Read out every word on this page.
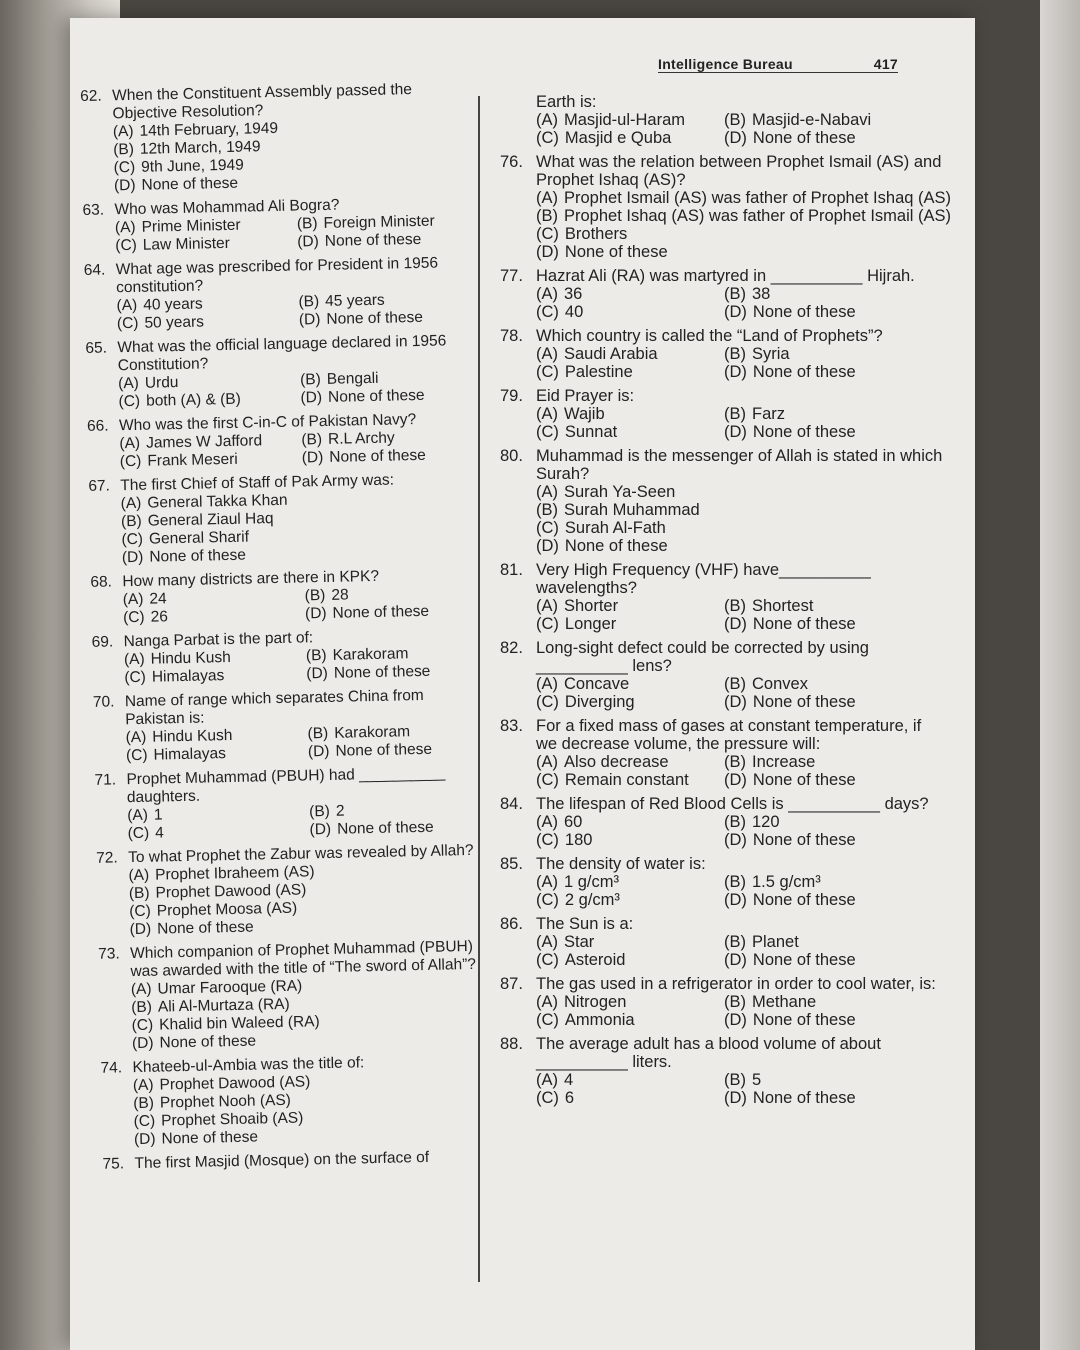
Intelligence Bureau	417
62. When the Constituent Assembly passed the Objective Resolution?
(A) 14th February, 1949
(B) 12th March, 1949
(C) 9th June, 1949
(D) None of these
63. Who was Mohammad Ali Bogra?
(A) Prime Minister	(B) Foreign Minister
(C) Law Minister	(D) None of these
64. What age was prescribed for President in 1956 constitution?
(A) 40 years	(B) 45 years
(C) 50 years	(D) None of these
65. What was the official language declared in 1956 Constitution?
(A) Urdu	(B) Bengali
(C) both (A) & (B)	(D) None of these
66. Who was the first C-in-C of Pakistan Navy?
(A) James W Jafford	(B) R.L Archy
(C) Frank Meseri	(D) None of these
67. The first Chief of Staff of Pak Army was:
(A) General Takka Khan
(B) General Ziaul Haq
(C) General Sharif
(D) None of these
68. How many districts are there in KPK?
(A) 24	(B) 28
(C) 26	(D) None of these
69. Nanga Parbat is the part of:
(A) Hindu Kush	(B) Karakoram
(C) Himalayas	(D) None of these
70. Name of range which separates China from Pakistan is:
(A) Hindu Kush	(B) Karakoram
(C) Himalayas	(D) None of these
71. Prophet Muhammad (PBUH) had __________ daughters.
(A) 1	(B) 2
(C) 4	(D) None of these
72. To what Prophet the Zabur was revealed by Allah?
(A) Prophet Ibraheem (AS)
(B) Prophet Dawood (AS)
(C) Prophet Moosa (AS)
(D) None of these
73. Which companion of Prophet Muhammad (PBUH) was awarded with the title of “The sword of Allah”?
(A) Umar Farooque (RA)
(B) Ali Al-Murtaza (RA)
(C) Khalid bin Waleed (RA)
(D) None of these
74. Khateeb-ul-Ambia was the title of:
(A) Prophet Dawood (AS)
(B) Prophet Nooh (AS)
(C) Prophet Shoaib (AS)
(D) None of these
75. The first Masjid (Mosque) on the surface of
Earth is:
(A) Masjid-ul-Haram	(B) Masjid-e-Nabavi
(C) Masjid e Quba	(D) None of these
76. What was the relation between Prophet Ismail (AS) and Prophet Ishaq (AS)?
(A) Prophet Ismail (AS) was father of Prophet Ishaq (AS)
(B) Prophet Ishaq (AS) was father of Prophet Ismail (AS)
(C) Brothers
(D) None of these
77. Hazrat Ali (RA) was martyred in __________ Hijrah.
(A) 36	(B) 38
(C) 40	(D) None of these
78. Which country is called the “Land of Prophets”?
(A) Saudi Arabia	(B) Syria
(C) Palestine	(D) None of these
79. Eid Prayer is:
(A) Wajib	(B) Farz
(C) Sunnat	(D) None of these
80. Muhammad is the messenger of Allah is stated in which Surah?
(A) Surah Ya-Seen
(B) Surah Muhammad
(C) Surah Al-Fath
(D) None of these
81. Very High Frequency (VHF) have__________ wavelengths?
(A) Shorter	(B) Shortest
(C) Longer	(D) None of these
82. Long-sight defect could be corrected by using __________ lens?
(A) Concave	(B) Convex
(C) Diverging	(D) None of these
83. For a fixed mass of gases at constant temperature, if we decrease volume, the pressure will:
(A) Also decrease	(B) Increase
(C) Remain constant	(D) None of these
84. The lifespan of Red Blood Cells is __________ days?
(A) 60	(B) 120
(C) 180	(D) None of these
85. The density of water is:
(A) 1 g/cm³	(B) 1.5 g/cm³
(C) 2 g/cm³	(D) None of these
86. The Sun is a:
(A) Star	(B) Planet
(C) Asteroid	(D) None of these
87. The gas used in a refrigerator in order to cool water, is:
(A) Nitrogen	(B) Methane
(C) Ammonia	(D) None of these
88. The average adult has a blood volume of about __________ liters.
(A) 4	(B) 5
(C) 6	(D) None of these
